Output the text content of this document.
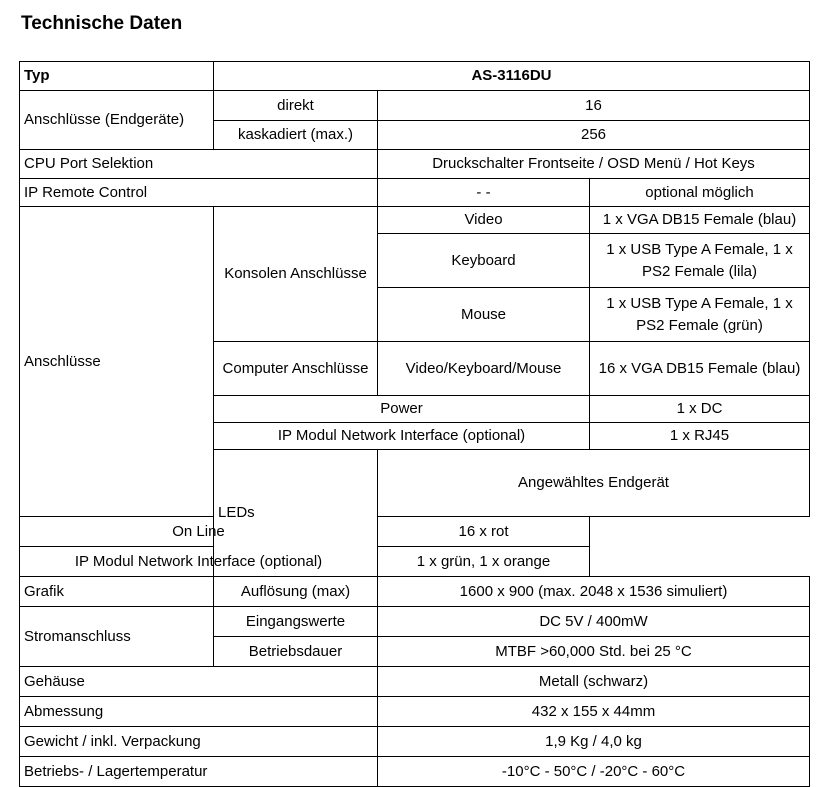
Technische Daten
Typ	AS-3116DU			
Anschlüsse (Endgeräte)	direkt	16		
	kaskadiert (max.)	256		
CPU Port Selektion		Druckschalter Frontseite / OSD Menü / Hot Keys		
IP Remote Control		- -	optional möglich	
Anschlüsse	Konsolen Anschlüsse	Video	1 x VGA DB15 Female (blau)	
		Keyboard	1 x USB Type A Female, 1 x PS2 Female (lila)	
		Mouse	1 x USB Type A Female, 1 x PS2 Female (grün)	
	Computer Anschlüsse	Video/Keyboard/Mouse	16 x VGA DB15 Female (blau)	
	Power		1 x DC	
	IP Modul Network Interface (optional)		1 x RJ45	
	LEDs	Angewähltes Endgerät	
On Line		16 x rot		
IP Modul Network Interface (optional)		1 x grün, 1 x orange		
Grafik	Auflösung (max)	1600 x 900 (max. 2048 x 1536 simuliert)		
Stromanschluss	Eingangswerte	DC 5V / 400mW		
	Betriebsdauer	MTBF >60,000 Std. bei 25 °C		
Gehäuse		Metall (schwarz)		
Abmessung		432 x 155 x 44mm		
Gewicht / inkl. Verpackung		1,9 Kg / 4,0 kg		
Betriebs- / Lagertemperatur		-10°C - 50°C / -20°C - 60°C		
